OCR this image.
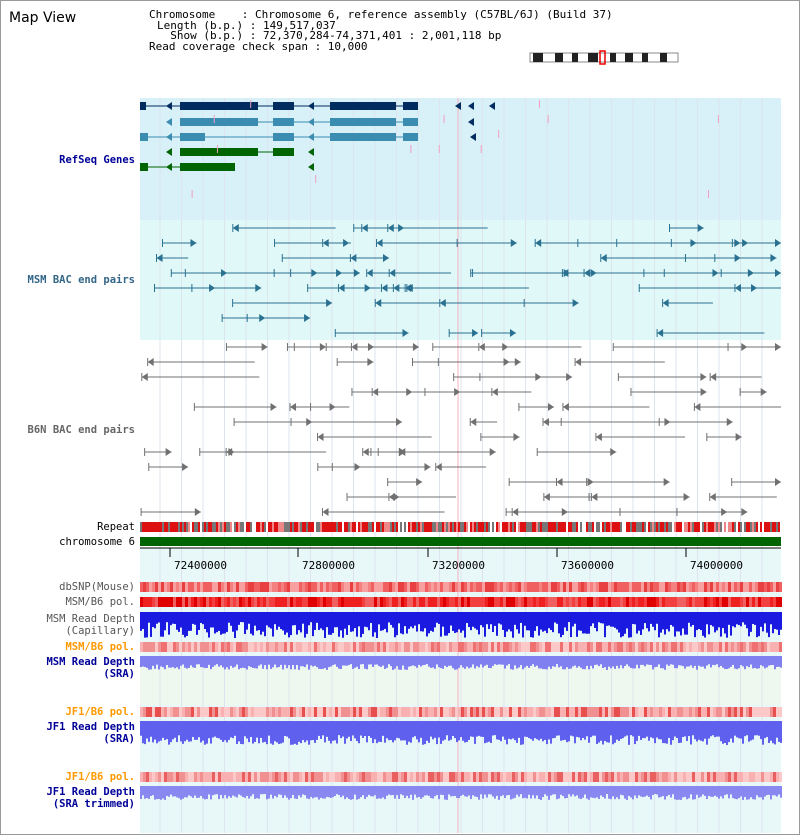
72400000	72800000	73200000	73600000	74000000
Map View	Chromosome    : Chromosome 6, reference assembly (C57BL/6J) (Build 37)
Length (b.p.) : 149,517,037
Show (b.p.) : 72,370,284-74,371,401 : 2,001,118 bp
Read coverage check span : 10,000
RefSeq Genes
MSM BAC end pairs
B6N BAC end pairs
Repeat
chromosome 6
dbSNP(Mouse)
MSM/B6 pol.
MSM Read Depth
(Capillary)
MSM/B6 pol.
MSM Read Depth
(SRA)
JF1/B6 pol.
JF1 Read Depth
(SRA)
JF1/B6 pol.
JF1 Read Depth
(SRA trimmed)
